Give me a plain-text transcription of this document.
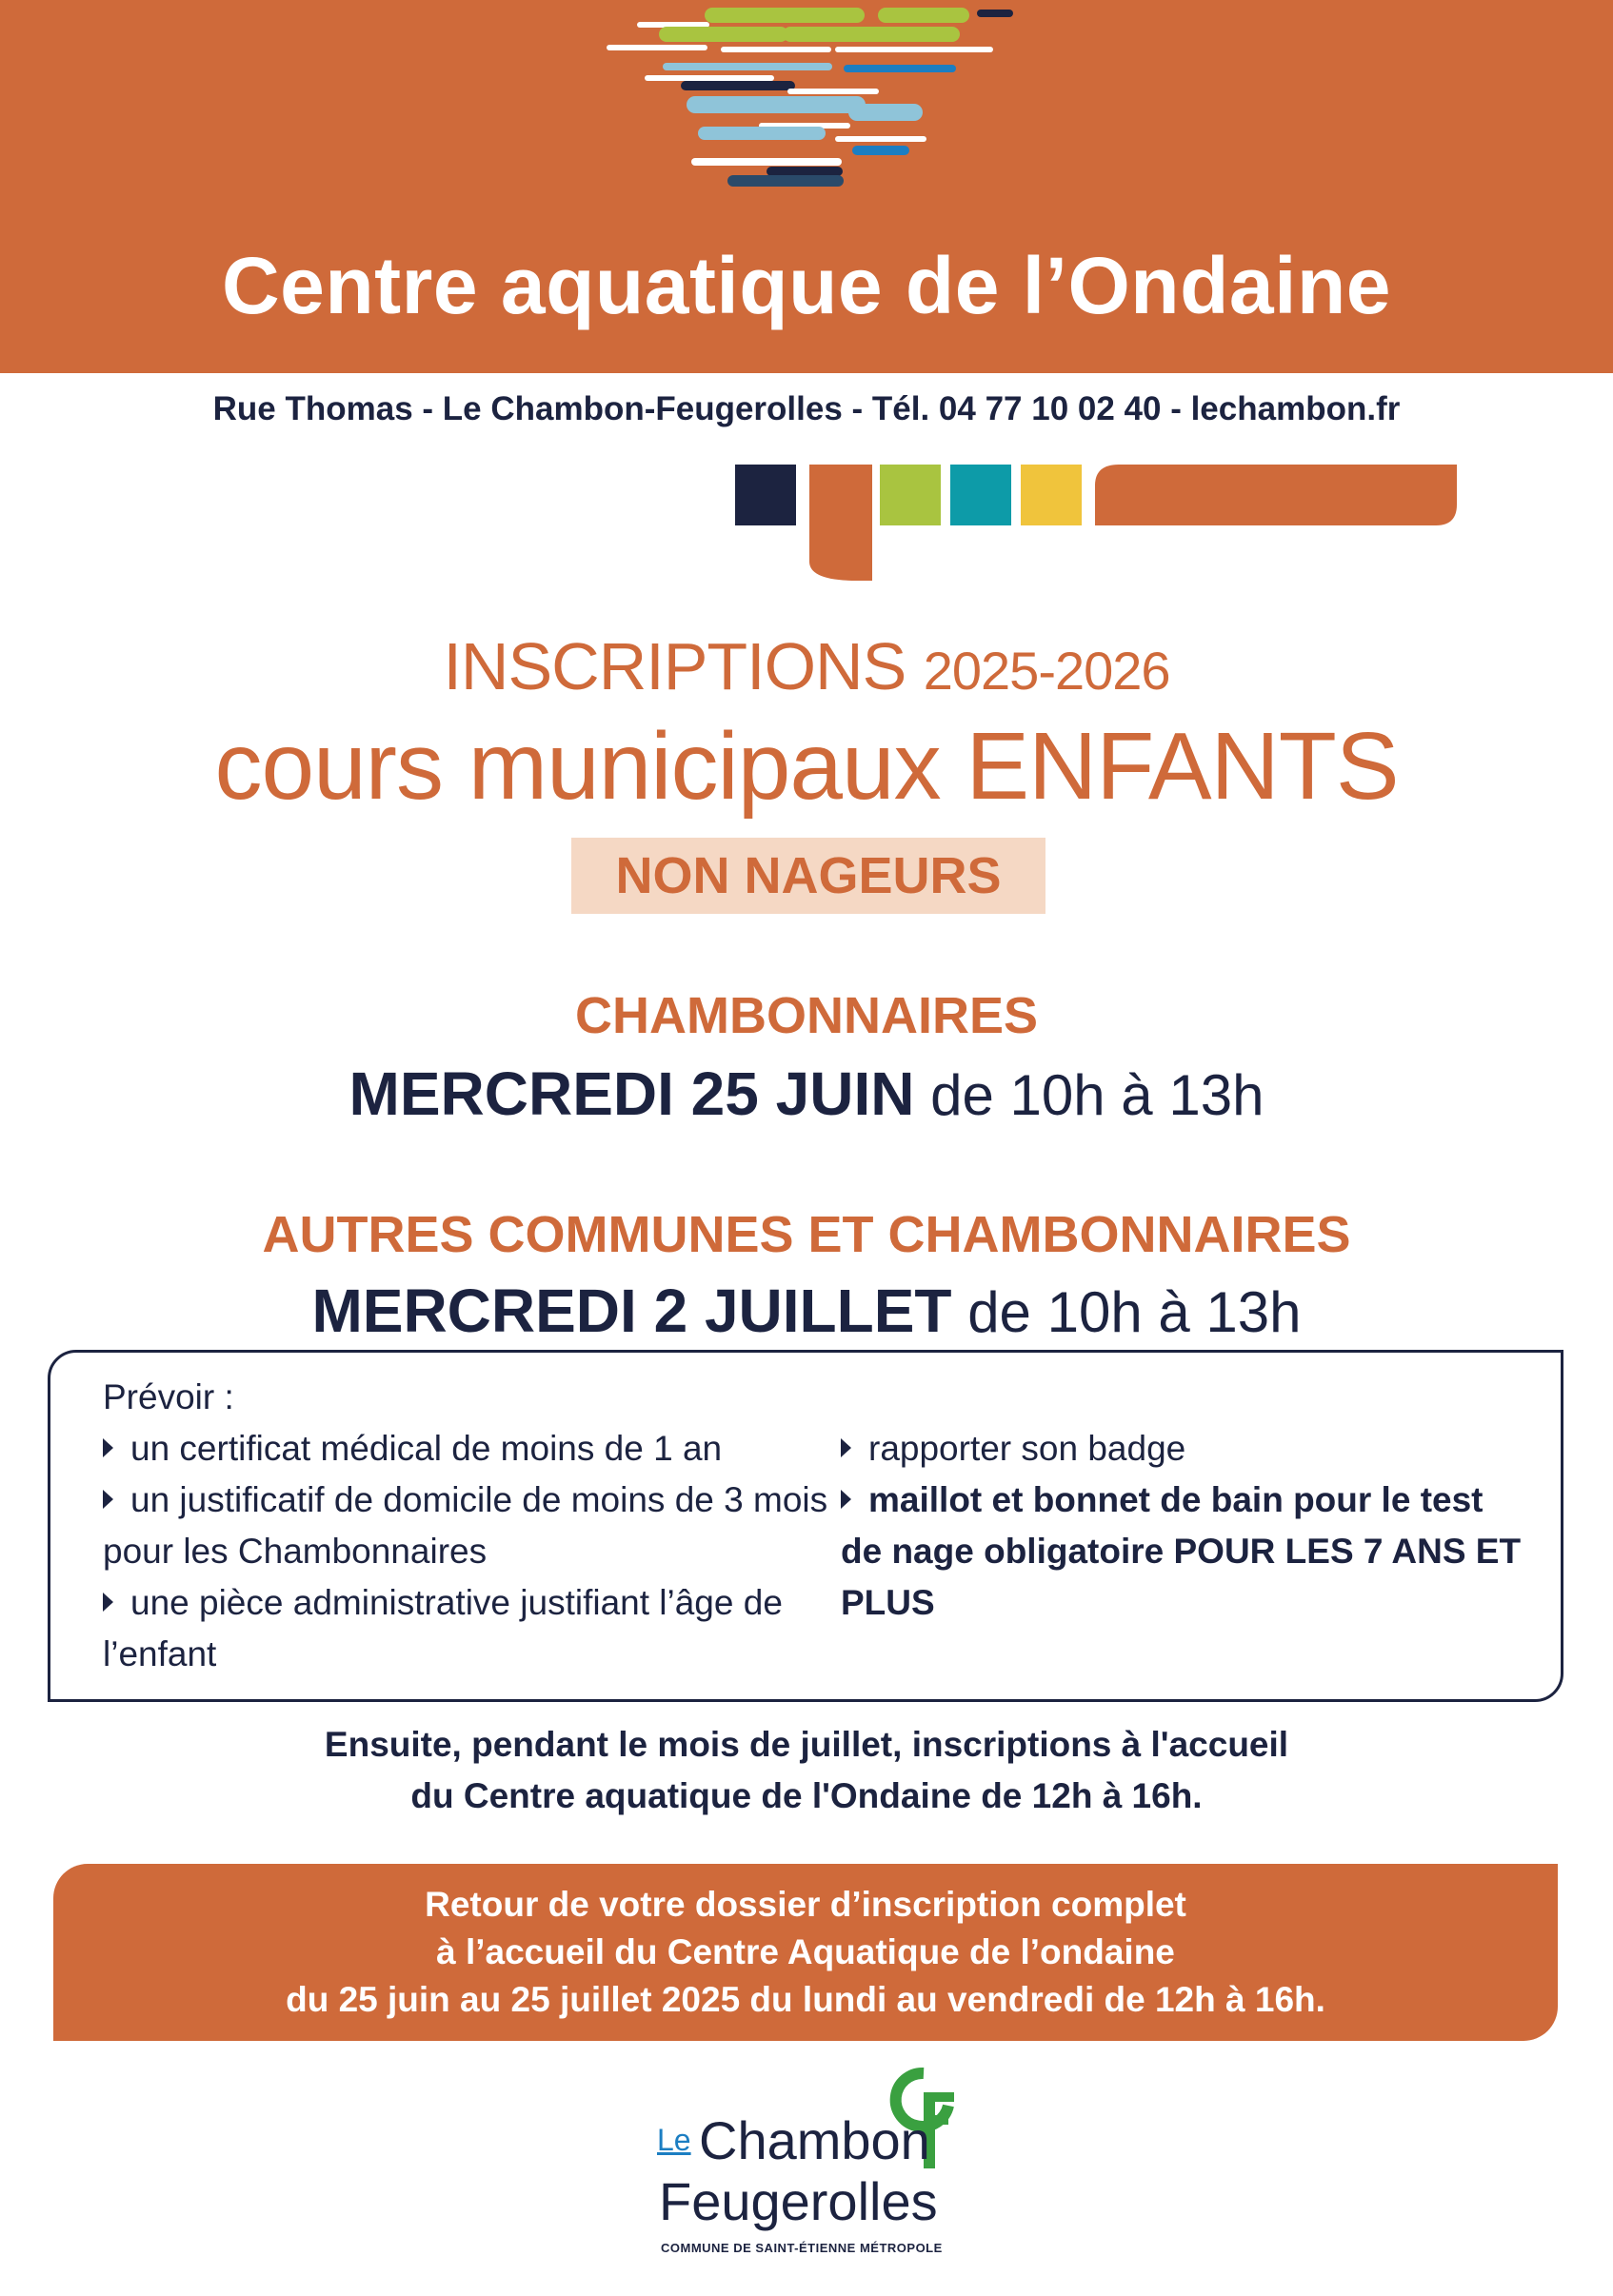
Centre aquatique de l’Ondaine
Rue Thomas - Le Chambon-Feugerolles - Tél. 04 77 10 02 40 - lechambon.fr
INSCRIPTIONS 2025-2026
cours municipaux ENFANTS
NON NAGEURS
CHAMBONNAIRES
MERCREDI 25 JUIN de 10h à 13h
AUTRES COMMUNES ET CHAMBONNAIRES
MERCREDI 2 JUILLET de 10h à 13h

Prévoir :

un certificat médical de moins de 1 an

un justificatif de domicile de moins de 3 mois pour les Chambonnaires

une pièce administrative justifiant l’âge de l’enfant

rapporter son badge

maillot et bonnet de bain pour le test de nage obligatoire POUR LES 7 ANS ET PLUS

Ensuite, pendant le mois de juillet, inscriptions à l'accueil
du Centre aquatique de l'Ondaine de 12h à 16h.
Retour de votre dossier d’inscription complet
à l’accueil du Centre Aquatique de l’ondaine
du 25 juin au 25 juillet 2025 du lundi au vendredi de 12h à 16h.
Le Chambon
Feugerolles
COMMUNE DE SAINT-ÉTIENNE MÉTROPOLE
